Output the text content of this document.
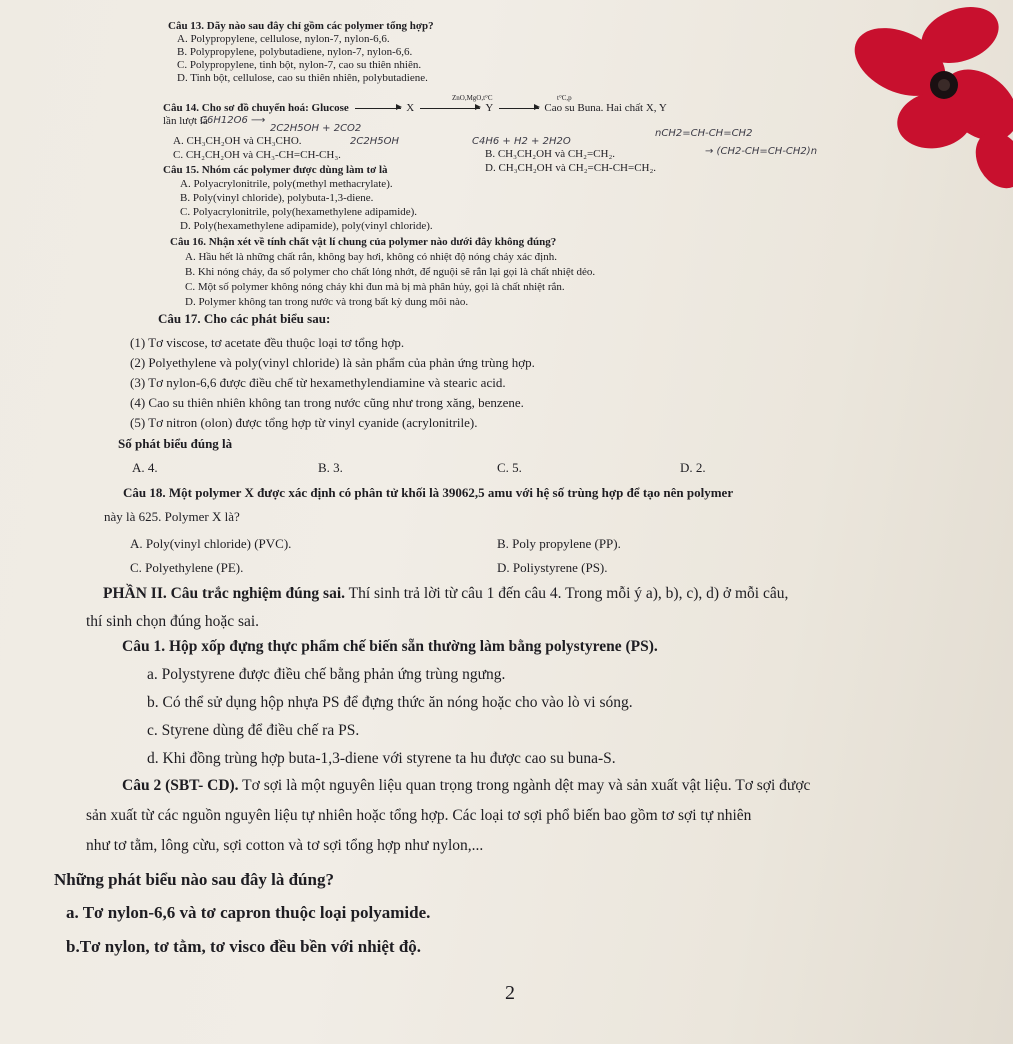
Câu 13. Dãy nào sau đây chỉ gồm các polymer tổng hợp?
A. Polypropylene, cellulose, nylon-7, nylon-6,6.
B. Polypropylene, polybutadiene, nylon-7, nylon-6,6.
C. Polypropylene, tinh bột, nylon-7, cao su thiên nhiên.
D. Tinh bột, cellulose, cao su thiên nhiên, polybutadiene.
Câu 14. Cho sơ đồ chuyển hoá: Glucose	X	Y	Cao su Buna. Hai chất X, Y
ZnO,MgO,t°C	t°C,p
lần lượt là
C6H12O6 ⟶
2C2H5OH + 2CO2
A. CH₃CH₂OH và CH₃CHO.	2C2H5OH	C4H6 + H2 + 2H2O
nCH2=CH-CH=CH2
B. CH₃CH₂OH và CH₂=CH₂.	→ (CH2-CH=CH-CH2)n
C. CH₂CH₂OH và CH₃-CH=CH-CH₃.
D. CH₃CH₂OH và CH₂=CH-CH=CH₂.
Câu 15. Nhóm các polymer được dùng làm tơ là
A. Polyacrylonitrile, poly(methyl methacrylate).
B. Poly(vinyl chloride), polybuta-1,3-diene.
C. Polyacrylonitrile, poly(hexamethylene adipamide).
D. Poly(hexamethylene adipamide), poly(vinyl chloride).
Câu 16. Nhận xét về tính chất vật lí chung của polymer nào dưới đây không đúng?
A. Hầu hết là những chất rắn, không bay hơi, không có nhiệt độ nóng chảy xác định.
B. Khi nóng chảy, đa số polymer cho chất lỏng nhớt, để nguội sẽ rắn lại gọi là chất nhiệt dẻo.
C. Một số polymer không nóng chảy khi đun mà bị mà phân hủy, gọi là chất nhiệt rắn.
D. Polymer không tan trong nước và trong bất kỳ dung môi nào.
Câu 17. Cho các phát biểu sau:
(1) Tơ viscose, tơ acetate đều thuộc loại tơ tổng hợp.
(2) Polyethylene và poly(vinyl chloride) là sản phẩm của phản ứng trùng hợp.
(3) Tơ nylon-6,6 được điều chế từ hexamethylendiamine và stearic acid.
(4) Cao su thiên nhiên không tan trong nước cũng như trong xăng, benzene.
(5) Tơ nitron (olon) được tổng hợp từ vinyl cyanide (acrylonitrile).
Số phát biểu đúng là
A. 4.	B. 3.	C. 5.	D. 2.
Câu 18. Một polymer X được xác định có phân tử khối là 39062,5 amu với hệ số trùng hợp để tạo nên polymer
này là 625. Polymer X là?
A. Poly(vinyl chloride) (PVC).	B. Poly propylene (PP).
C. Polyethylene (PE).	D. Poliystyrene (PS).
PHẦN II. Câu trắc nghiệm đúng sai. Thí sinh trả lời từ câu 1 đến câu 4. Trong mỗi ý a), b), c), d) ở mỗi câu,
thí sinh chọn đúng hoặc sai.
Câu 1. Hộp xốp đựng thực phẩm chế biến sẵn thường làm bằng polystyrene (PS).
a. Polystyrene được điều chế bằng phản ứng trùng ngưng.
b. Có thể sử dụng hộp nhựa PS để đựng thức ăn nóng hoặc cho vào lò vi sóng.
c. Styrene dùng để điều chế ra PS.
d. Khi đồng trùng hợp buta-1,3-diene với styrene ta hu được cao su buna-S.
Câu 2 (SBT- CD). Tơ sợi là một nguyên liệu quan trọng trong ngành dệt may và sản xuất vật liệu. Tơ sợi được
sản xuất từ các nguồn nguyên liệu tự nhiên hoặc tổng hợp. Các loại tơ sợi phổ biến bao gồm tơ sợi tự nhiên
như tơ tằm, lông cừu, sợi cotton và tơ sợi tổng hợp như nylon,...
Những phát biểu nào sau đây là đúng?
a. Tơ nylon-6,6 và tơ capron thuộc loại polyamide.
b.Tơ nylon, tơ tằm, tơ visco đều bền với nhiệt độ.
2
